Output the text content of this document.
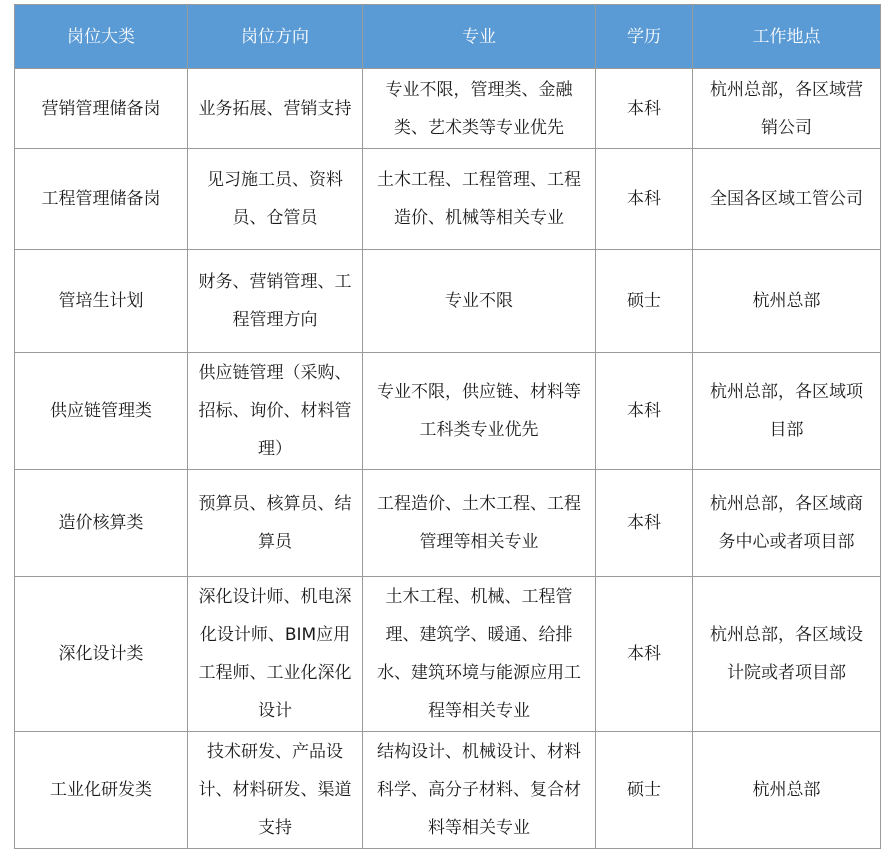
岗位大类	岗位方向	专业	学历	工作地点
营销管理储备岗	业务拓展、营销支持	专业不限，管理类、金融类、艺术类等专业优先	本科	杭州总部，各区域营销公司
工程管理储备岗	见习施工员、资料员、仓管员	土木工程、工程管理、工程造价、机械等相关专业	本科	全国各区域工管公司
管培生计划	财务、营销管理、工程管理方向	专业不限	硕士	杭州总部
供应链管理类	供应链管理（采购、招标、询价、材料管理）	专业不限，供应链、材料等工科类专业优先	本科	杭州总部，各区域项目部
造价核算类	预算员、核算员、结算员	工程造价、土木工程、工程管理等相关专业	本科	杭州总部，各区域商务中心或者项目部
深化设计类	深化设计师、机电深化设计师、BIM应用工程师、工业化深化设计	土木工程、机械、工程管理、建筑学、暖通、给排水、建筑环境与能源应用工程等相关专业	本科	杭州总部，各区域设计院或者项目部
工业化研发类	技术研发、产品设计、材料研发、渠道支持	结构设计、机械设计、材料科学、高分子材料、复合材料等相关专业	硕士	杭州总部
